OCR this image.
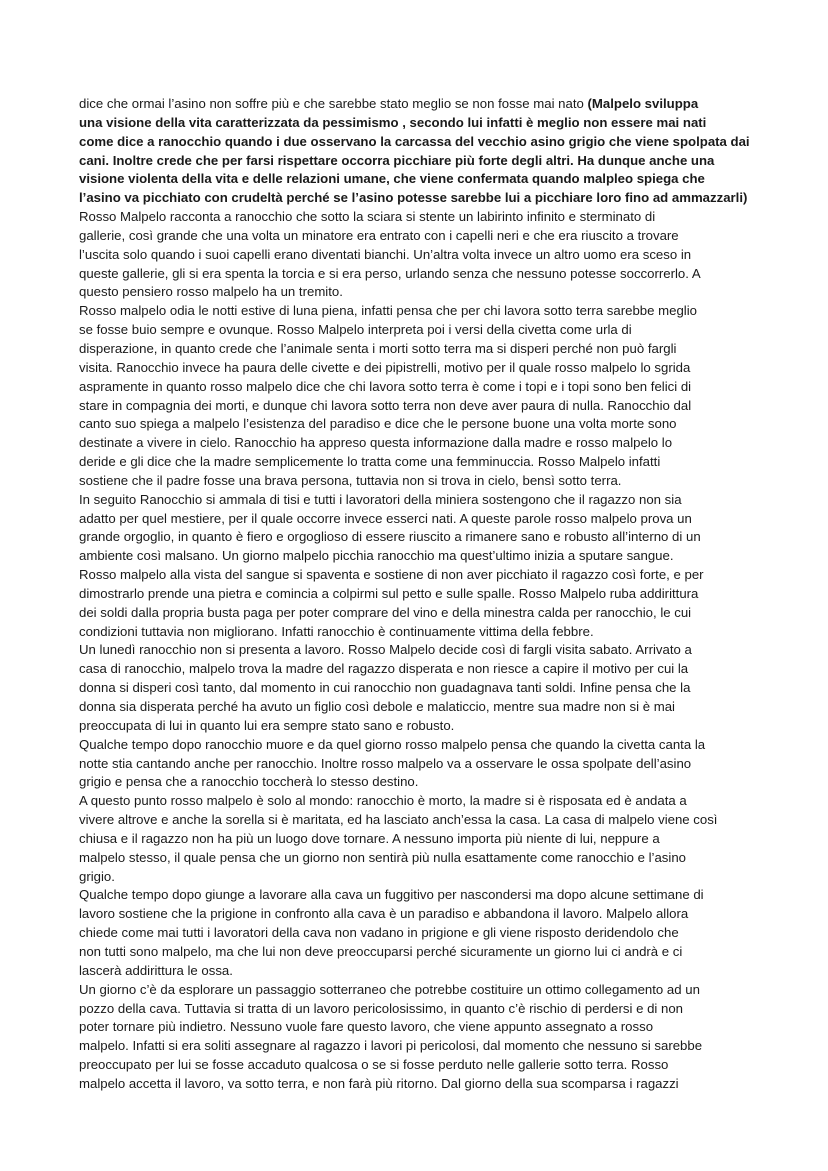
dice che ormai l’asino non soffre più e che sarebbe stato meglio se non fosse mai nato (Malpelo sviluppa
una visione della vita caratterizzata da pessimismo , secondo lui infatti è meglio non essere mai nati
come dice a ranocchio quando i due osservano la carcassa del vecchio asino grigio che viene spolpata dai
cani. Inoltre crede che per farsi rispettare occorra picchiare più forte degli altri. Ha dunque anche una
visione violenta della vita e delle relazioni umane, che viene confermata quando malpleo spiega che
l’asino va picchiato con crudeltà perché se l’asino potesse sarebbe lui a picchiare loro fino ad ammazzarli)
Rosso Malpelo racconta a ranocchio che sotto la sciara si stente un labirinto infinito e sterminato di
gallerie, così grande che una volta un minatore era entrato con i capelli neri e che era riuscito a trovare
l’uscita solo quando i suoi capelli erano diventati bianchi. Un’altra volta invece un altro uomo era sceso in
queste gallerie, gli si era spenta la torcia e si era perso, urlando senza che nessuno potesse soccorrerlo. A
questo pensiero rosso malpelo ha un tremito.

Rosso malpelo odia le notti estive di luna piena, infatti pensa che per chi lavora sotto terra sarebbe meglio
se fosse buio sempre e ovunque. Rosso Malpelo interpreta poi i versi della civetta come urla di
disperazione, in quanto crede che l’animale senta i morti sotto terra ma si disperi perché non può fargli
visita. Ranocchio invece ha paura delle civette e dei pipistrelli, motivo per il quale rosso malpelo lo sgrida
aspramente in quanto rosso malpelo dice che chi lavora sotto terra è come i topi e i topi sono ben felici di
stare in compagnia dei morti, e dunque chi lavora sotto terra non deve aver paura di nulla. Ranocchio dal
canto suo spiega a malpelo l’esistenza del paradiso e dice che le persone buone una volta morte sono
destinate a vivere in cielo. Ranocchio ha appreso questa informazione dalla madre e rosso malpelo lo
deride e gli dice che la madre semplicemente lo tratta come una femminuccia. Rosso Malpelo infatti
sostiene che il padre fosse una brava persona, tuttavia non si trova in cielo, bensì sotto terra.

In seguito Ranocchio si ammala di tisi e tutti i lavoratori della miniera sostengono che il ragazzo non sia
adatto per quel mestiere, per il quale occorre invece esserci nati. A queste parole rosso malpelo prova un
grande orgoglio, in quanto è fiero e orgoglioso di essere riuscito a rimanere sano e robusto all’interno di un
ambiente così malsano. Un giorno malpelo picchia ranocchio ma quest’ultimo inizia a sputare sangue.
Rosso malpelo alla vista del sangue si spaventa e sostiene di non aver picchiato il ragazzo così forte, e per
dimostrarlo prende una pietra e comincia a colpirmi sul petto e sulle spalle. Rosso Malpelo ruba addirittura
dei soldi dalla propria busta paga per poter comprare del vino e della minestra calda per ranocchio, le cui
condizioni tuttavia non migliorano. Infatti ranocchio è continuamente vittima della febbre.

Un lunedì ranocchio non si presenta a lavoro. Rosso Malpelo decide così di fargli visita sabato. Arrivato a
casa di ranocchio, malpelo trova la madre del ragazzo disperata e non riesce a capire il motivo per cui la
donna si disperi così tanto, dal momento in cui ranocchio non guadagnava tanti soldi. Infine pensa che la
donna sia disperata perché ha avuto un figlio così debole e malaticcio, mentre sua madre non si è mai
preoccupata di lui in quanto lui era sempre stato sano e robusto.

Qualche tempo dopo ranocchio muore e da quel giorno rosso malpelo pensa che quando la civetta canta la
notte stia cantando anche per ranocchio. Inoltre rosso malpelo va a osservare le ossa spolpate dell’asino
grigio e pensa che a ranocchio toccherà lo stesso destino.

A questo punto rosso malpelo è solo al mondo: ranocchio è morto, la madre si è risposata ed è andata a
vivere altrove e anche la sorella si è maritata, ed ha lasciato anch’essa la casa. La casa di malpelo viene così
chiusa e il ragazzo non ha più un luogo dove tornare. A nessuno importa più niente di lui, neppure a
malpelo stesso, il quale pensa che un giorno non sentirà più nulla esattamente come ranocchio e l’asino
grigio.

Qualche tempo dopo giunge a lavorare alla cava un fuggitivo per nascondersi ma dopo alcune settimane di
lavoro sostiene che la prigione in confronto alla cava è un paradiso e abbandona il lavoro. Malpelo allora
chiede come mai tutti i lavoratori della cava non vadano in prigione e gli viene risposto deridendolo che
non tutti sono malpelo, ma che lui non deve preoccuparsi perché sicuramente un giorno lui ci andrà e ci
lascerà addirittura le ossa.

Un giorno c’è da esplorare un passaggio sotterraneo che potrebbe costituire un ottimo collegamento ad un
pozzo della cava. Tuttavia si tratta di un lavoro pericolosissimo, in quanto c’è rischio di perdersi e di non
poter tornare più indietro. Nessuno vuole fare questo lavoro, che viene appunto assegnato a rosso
malpelo. Infatti si era soliti assegnare al ragazzo i lavori pi pericolosi, dal momento che nessuno si sarebbe
preoccupato per lui se fosse accaduto qualcosa o se si fosse perduto nelle gallerie sotto terra. Rosso
malpelo accetta il lavoro, va sotto terra, e non farà più ritorno. Dal giorno della sua scomparsa i ragazzi
